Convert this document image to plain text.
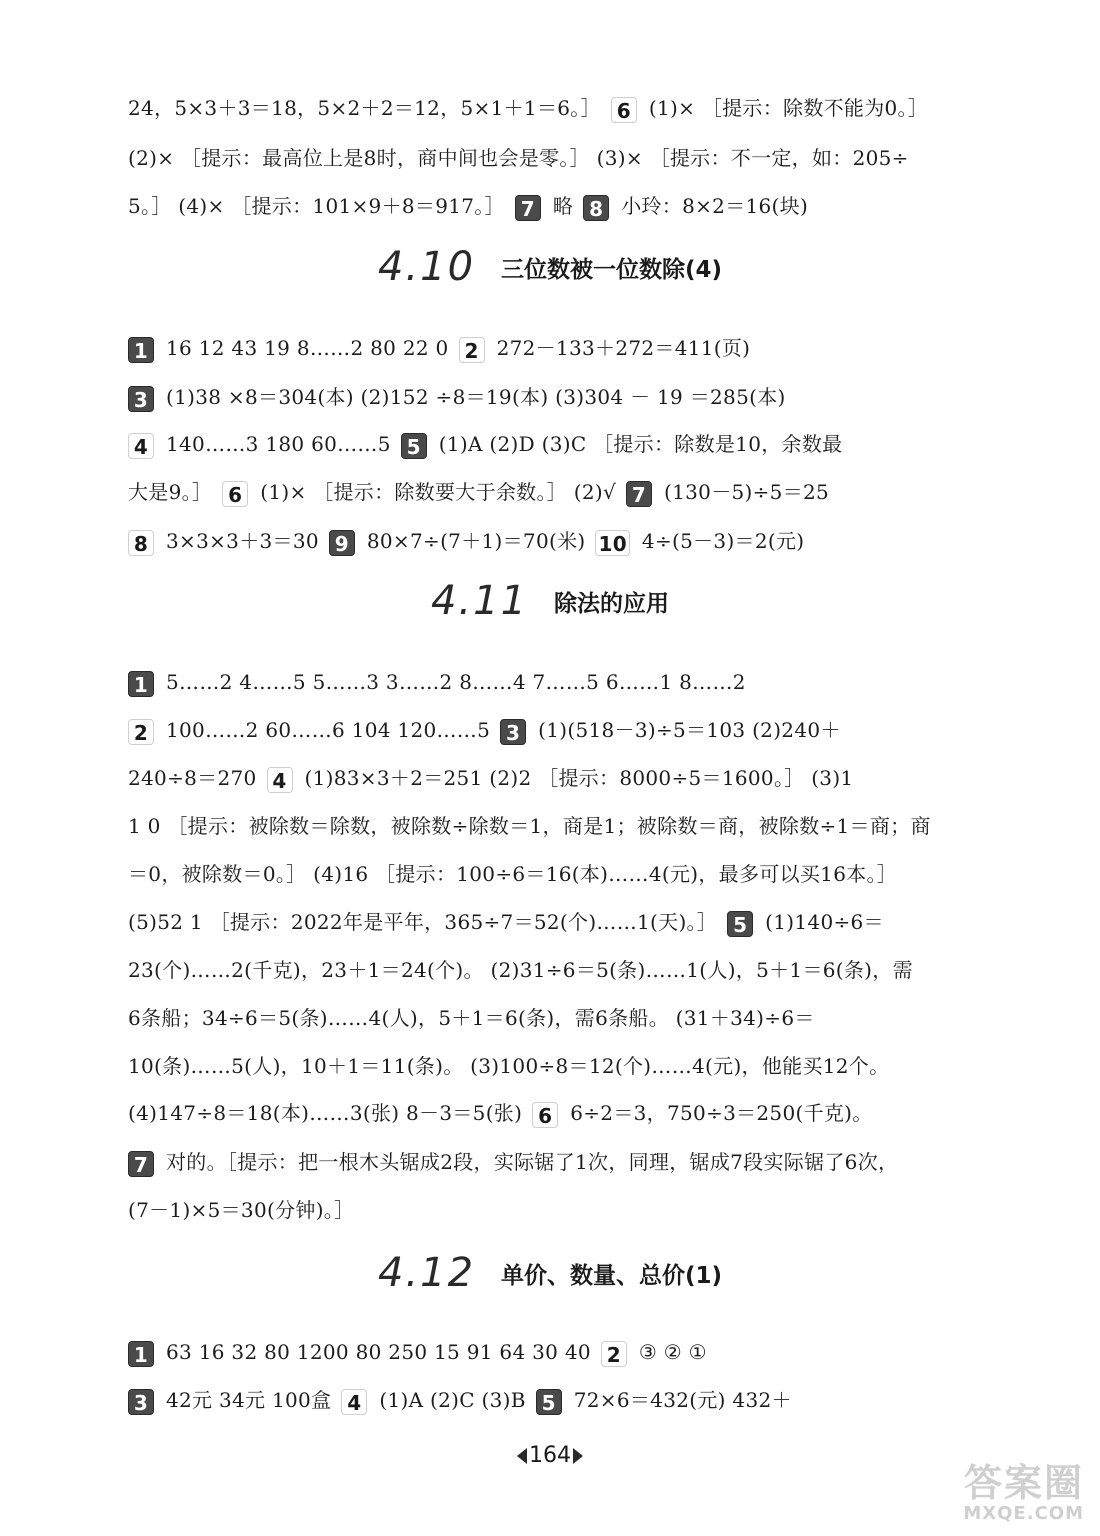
24，5×3＋3＝18，5×2＋2＝12，5×1＋1＝6。］ 6 (1)× ［提示：除数不能为0。］
(2)× ［提示：最高位上是8时，商中间也会是零。］ (3)× ［提示：不一定，如：205÷
5。］ (4)× ［提示：101×9＋8＝917。］ 7 略 8 小玲：8×2＝16(块)
4.10 三位数被一位数除(4)
1 16 12 43 19 8……2 80 22 0 2 272－133＋272＝411(页)
3 (1)38 ×8＝304(本) (2)152 ÷8＝19(本) (3)304 － 19 ＝285(本)
4 140……3 180 60……5 5 (1)A (2)D (3)C ［提示：除数是10，余数最
大是9。］ 6 (1)× ［提示：除数要大于余数。］ (2)√ 7 (130－5)÷5＝25
8 3×3×3＋3＝30 9 80×7÷(7＋1)＝70(米) 10 4÷(5－3)＝2(元)
4.11 除法的应用
1 5……2 4……5 5……3 3……2 8……4 7……5 6……1 8……2
2 100……2 60……6 104 120……5 3 (1)(518－3)÷5＝103 (2)240＋
240÷8＝270 4 (1)83×3＋2＝251 (2)2 ［提示：8000÷5＝1600。］ (3)1
1 0 ［提示：被除数＝除数，被除数÷除数＝1，商是1；被除数＝商，被除数÷1＝商；商
＝0，被除数＝0。］ (4)16 ［提示：100÷6＝16(本)……4(元)，最多可以买16本。］
(5)52 1 ［提示：2022年是平年，365÷7＝52(个)……1(天)。］ 5 (1)140÷6＝
23(个)……2(千克)，23＋1＝24(个)。 (2)31÷6＝5(条)……1(人)，5＋1＝6(条)，需
6条船；34÷6＝5(条)……4(人)，5＋1＝6(条)，需6条船。 (31＋34)÷6＝
10(条)……5(人)，10＋1＝11(条)。 (3)100÷8＝12(个)……4(元)，他能买12个。
(4)147÷8＝18(本)……3(张) 8－3＝5(张) 6 6÷2＝3，750÷3＝250(千克)。
7 对的。［提示：把一根木头锯成2段，实际锯了1次，同理，锯成7段实际锯了6次，
(7－1)×5＝30(分钟)。］
4.12 单价、数量、总价(1)
1 63 16 32 80 1200 80 250 15 91 64 30 40 2 ③ ② ①
3 42元 34元 100盒 4 (1)A (2)C (3)B 5 72×6＝432(元) 432＋
164
答案圈
MXQE.COM
